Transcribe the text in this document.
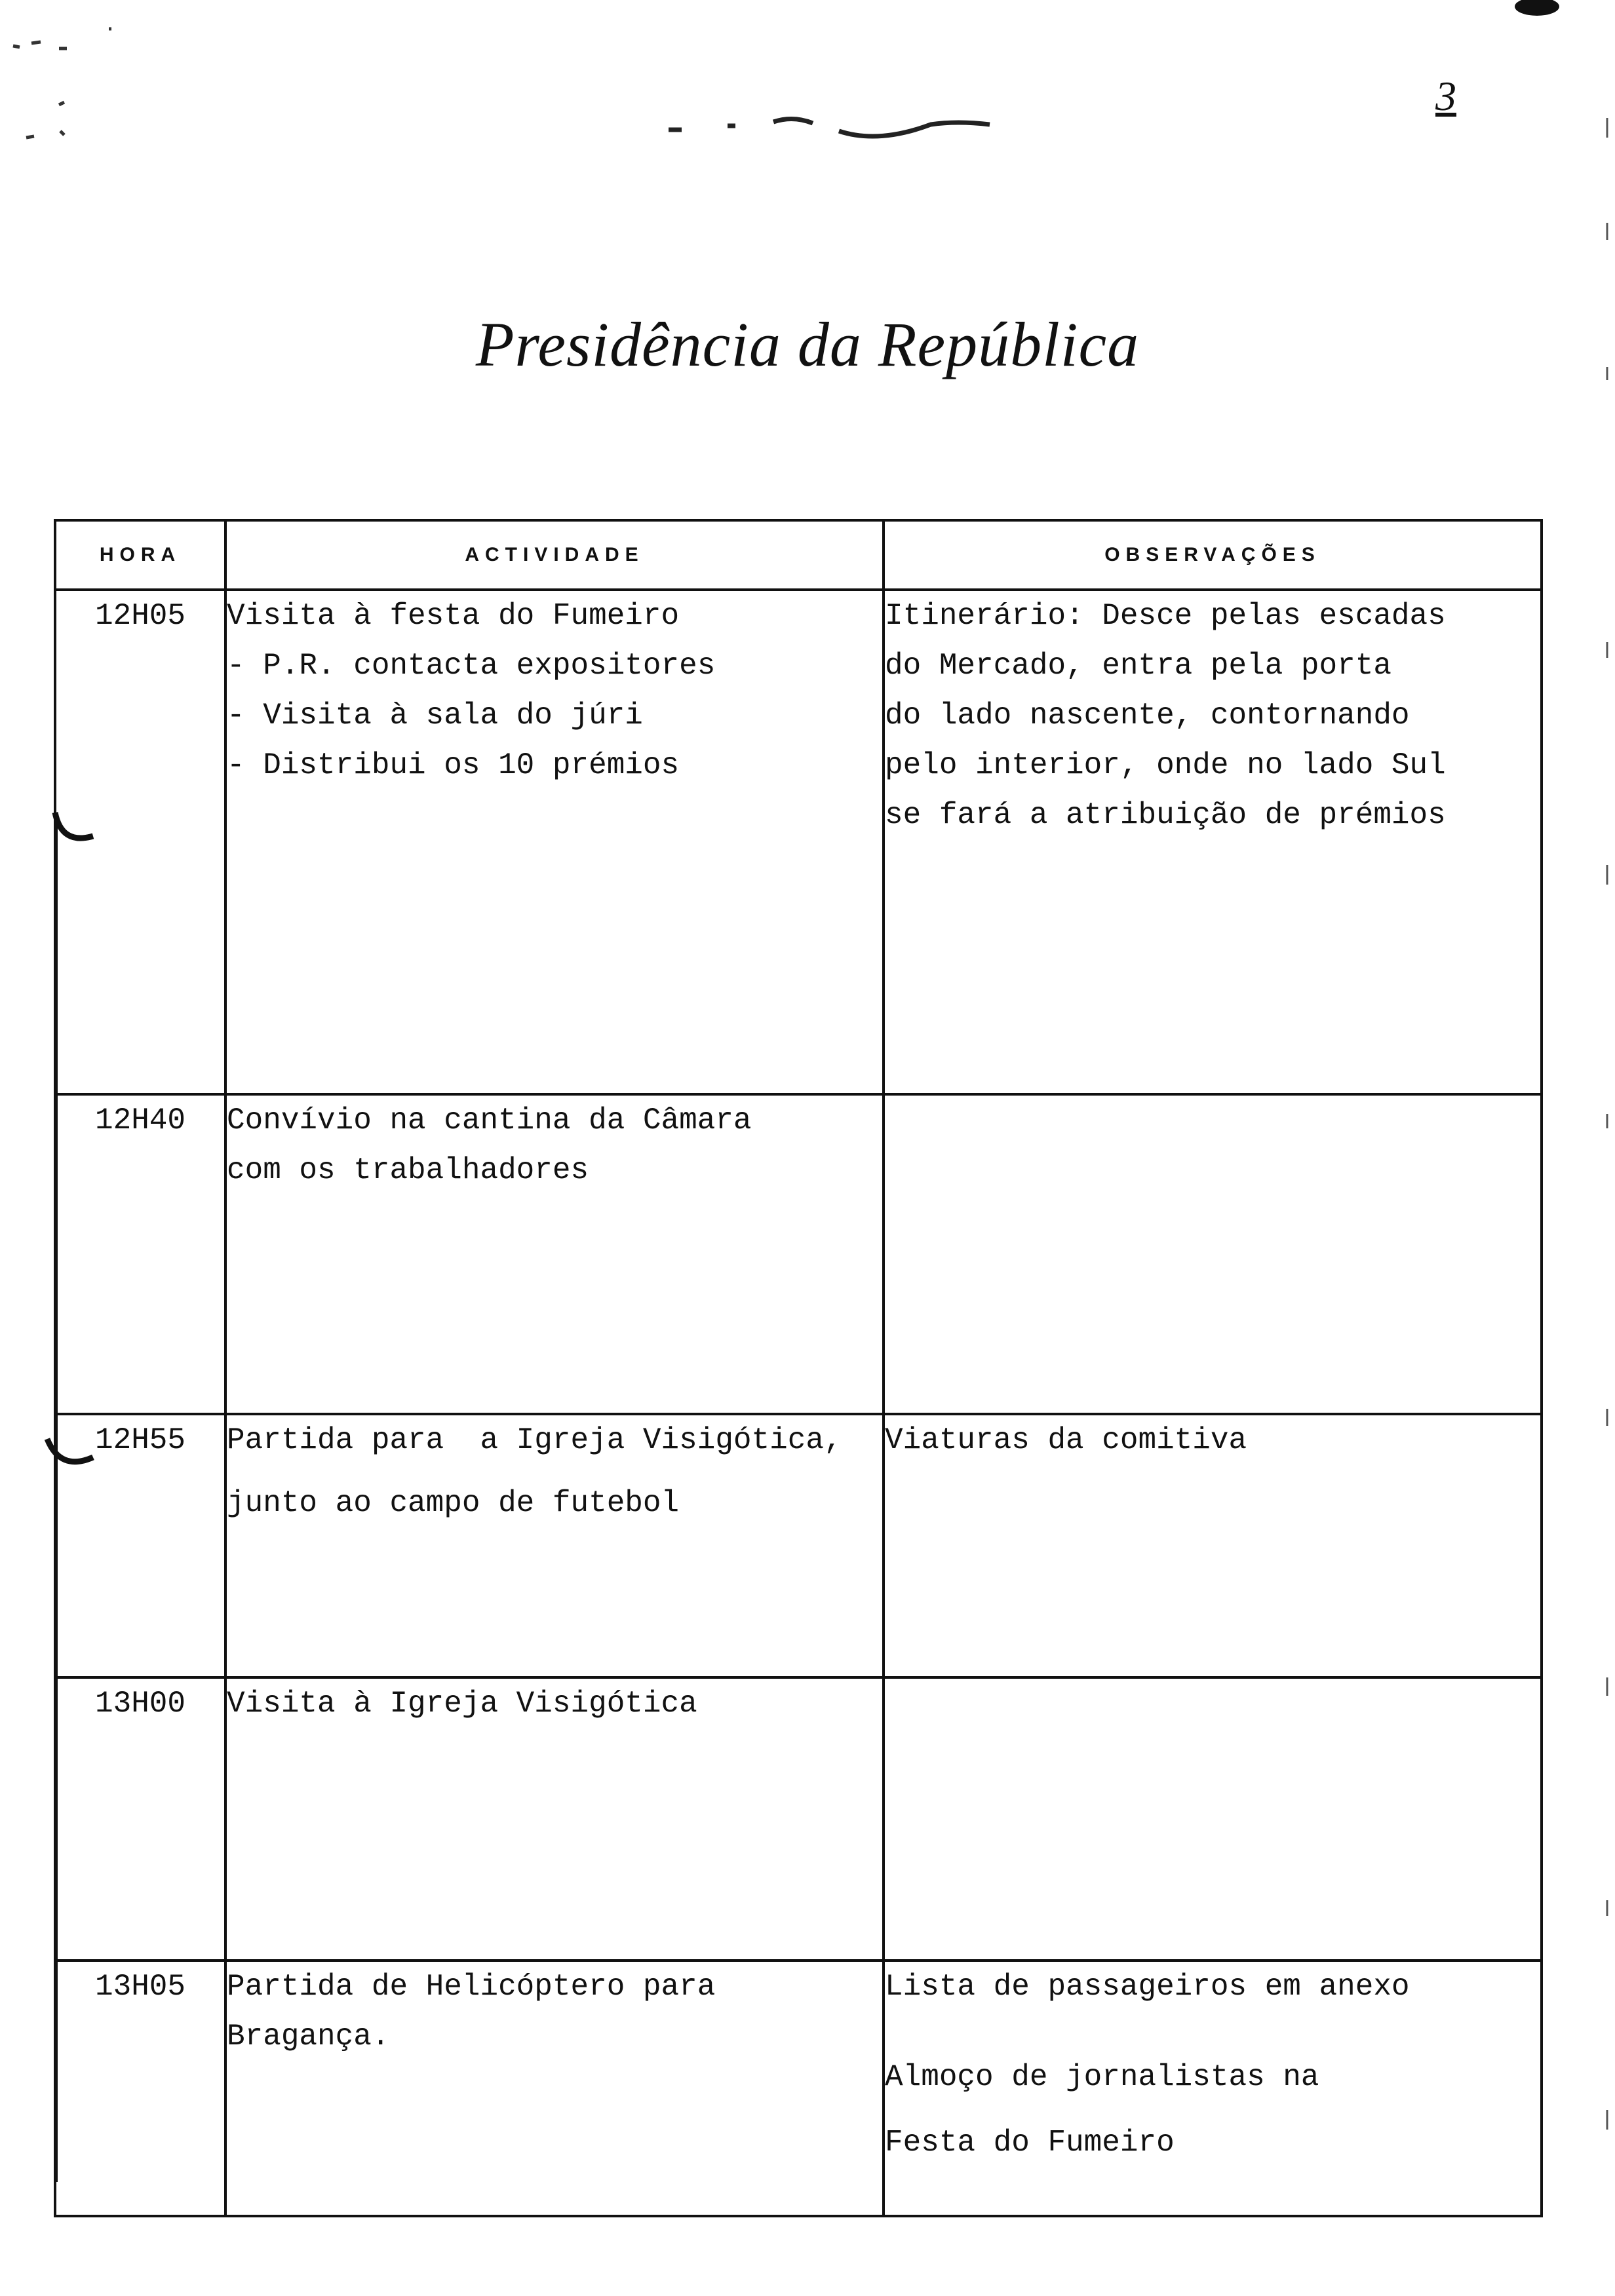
3
Presidência da República
HORA	ACTIVIDADE	OBSERVAÇÕES
12H05	Visita à festa do Fumeiro
- P.R. contacta expositores
- Visita à sala do júri
- Distribui os 10 prémios	Itinerário: Desce pelas escadas
do Mercado, entra pela porta
do lado nascente, contornando
pelo interior, onde no lado Sul
se fará a atribuição de prémios

12H40	Convívio na cantina da Câmara
com os trabalhadores	

12H55	Partida para  a Igreja Visigótica,
junto ao campo de futebol	Viaturas da comitiva

13H00	Visita à Igreja Visigótica	

13H05	Partida de Helicóptero para
Bragança.	Lista de passageiros em anexo
Almoço de jornalistas na
Festa do Fumeiro
